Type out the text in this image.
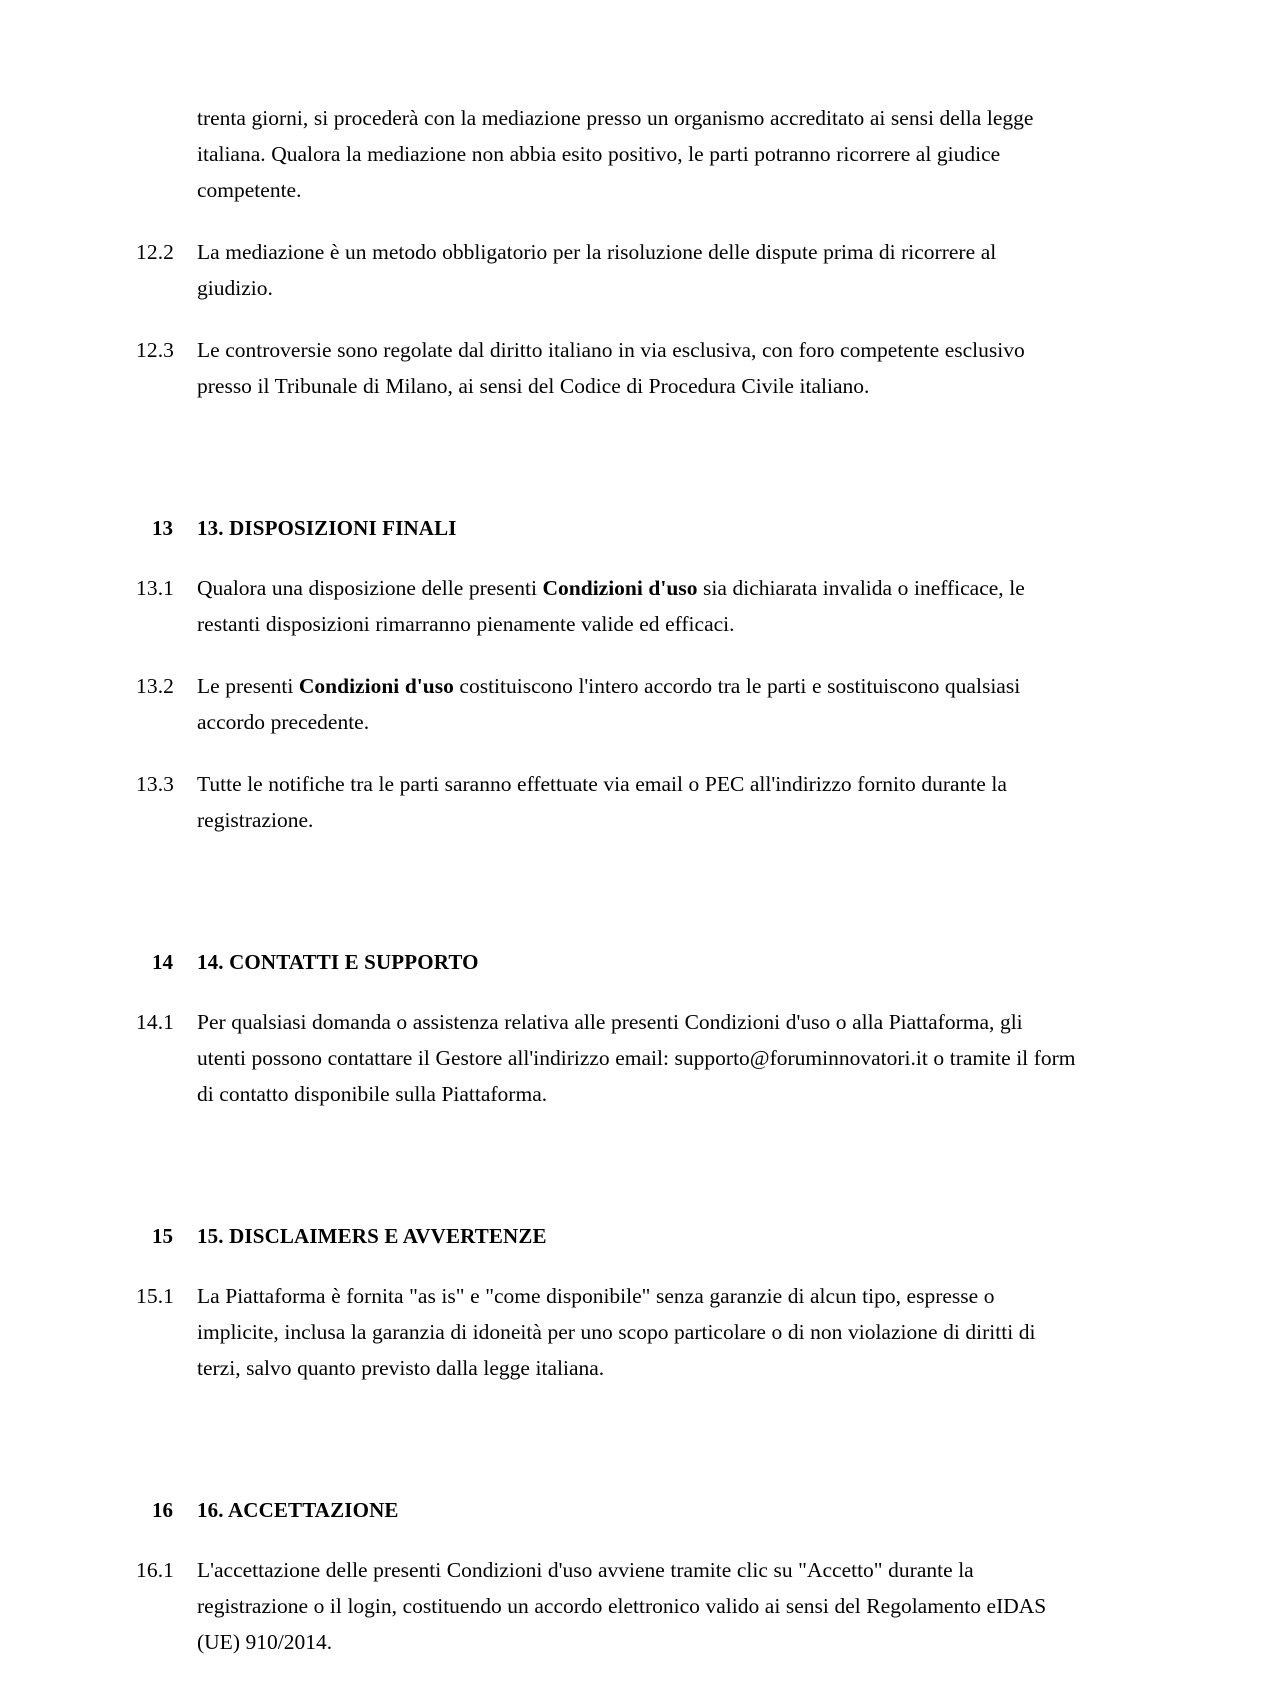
trenta giorni, si procederà con la mediazione presso un organismo accreditato ai sensi della legge italiana. Qualora la mediazione non abbia esito positivo, le parti potranno ricorrere al giudice competente.
12.2	La mediazione è un metodo obbligatorio per la risoluzione delle dispute prima di ricorrere al giudizio.
12.3	Le controversie sono regolate dal diritto italiano in via esclusiva, con foro competente esclusivo presso il Tribunale di Milano, ai sensi del Codice di Procedura Civile italiano.
13	13. DISPOSIZIONI FINALI
13.1	Qualora una disposizione delle presenti Condizioni d'uso sia dichiarata invalida o inefficace, le restanti disposizioni rimarranno pienamente valide ed efficaci.
13.2	Le presenti Condizioni d'uso costituiscono l'intero accordo tra le parti e sostituiscono qualsiasi accordo precedente.
13.3	Tutte le notifiche tra le parti saranno effettuate via email o PEC all'indirizzo fornito durante la registrazione.
14	14. CONTATTI E SUPPORTO
14.1	Per qualsiasi domanda o assistenza relativa alle presenti Condizioni d'uso o alla Piattaforma, gli utenti possono contattare il Gestore all'indirizzo email: supporto@foruminnovatori.it o tramite il form di contatto disponibile sulla Piattaforma.
15	15. DISCLAIMERS E AVVERTENZE
15.1	La Piattaforma è fornita "as is" e "come disponibile" senza garanzie di alcun tipo, espresse o implicite, inclusa la garanzia di idoneità per uno scopo particolare o di non violazione di diritti di terzi, salvo quanto previsto dalla legge italiana.
16	16. ACCETTAZIONE
16.1	L'accettazione delle presenti Condizioni d'uso avviene tramite clic su "Accetto" durante la registrazione o il login, costituendo un accordo elettronico valido ai sensi del Regolamento eIDAS (UE) 910/2014.
